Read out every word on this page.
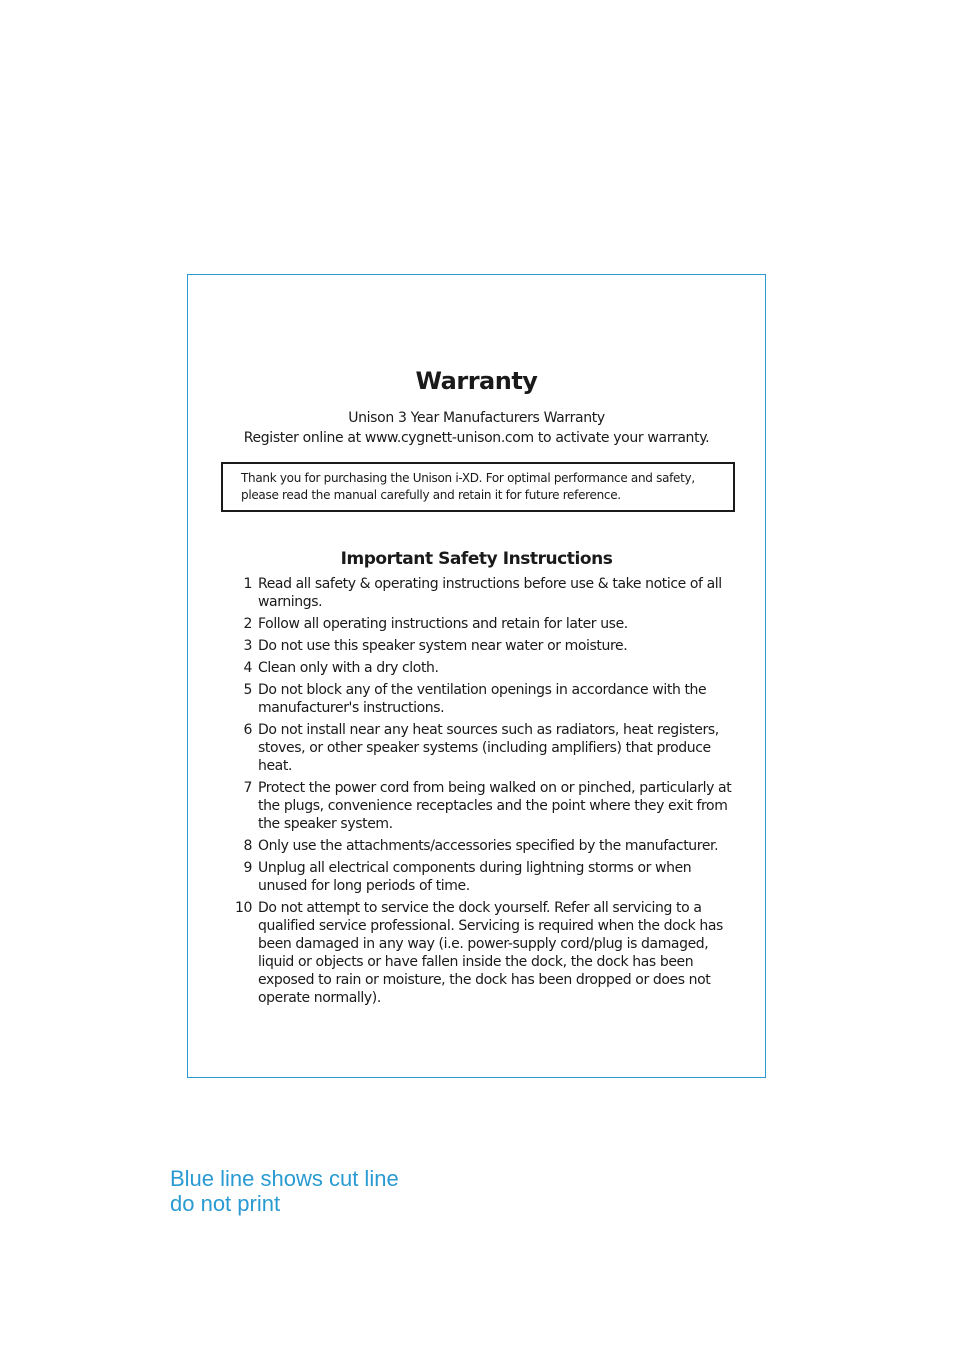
Warranty
Unison 3 Year Manufacturers Warranty
Register online at www.cygnett-unison.com to activate your warranty.
Thank you for purchasing the Unison i-XD. For optimal performance and safety, please read the manual carefully and retain it for future reference.
Important Safety Instructions
1 Read all safety & operating instructions before use & take notice of all warnings.
2 Follow all operating instructions and retain for later use.
3 Do not use this speaker system near water or moisture.
4 Clean only with a dry cloth.
5 Do not block any of the ventilation openings in accordance with the manufacturer's instructions.
6 Do not install near any heat sources such as radiators, heat registers, stoves, or other speaker systems (including amplifiers) that produce heat.
7 Protect the power cord from being walked on or pinched, particularly at the plugs, convenience receptacles and the point where they exit from the speaker system.
8 Only use the attachments/accessories specified by the manufacturer.
9 Unplug all electrical components during lightning storms or when unused for long periods of time.
10 Do not attempt to service the dock yourself. Refer all servicing to a qualified service professional. Servicing is required when the dock has been damaged in any way (i.e. power-supply cord/plug is damaged, liquid or objects or have fallen inside the dock, the dock has been exposed to rain or moisture, the dock has been dropped or does not operate normally).
Blue line shows cut line
do not print
